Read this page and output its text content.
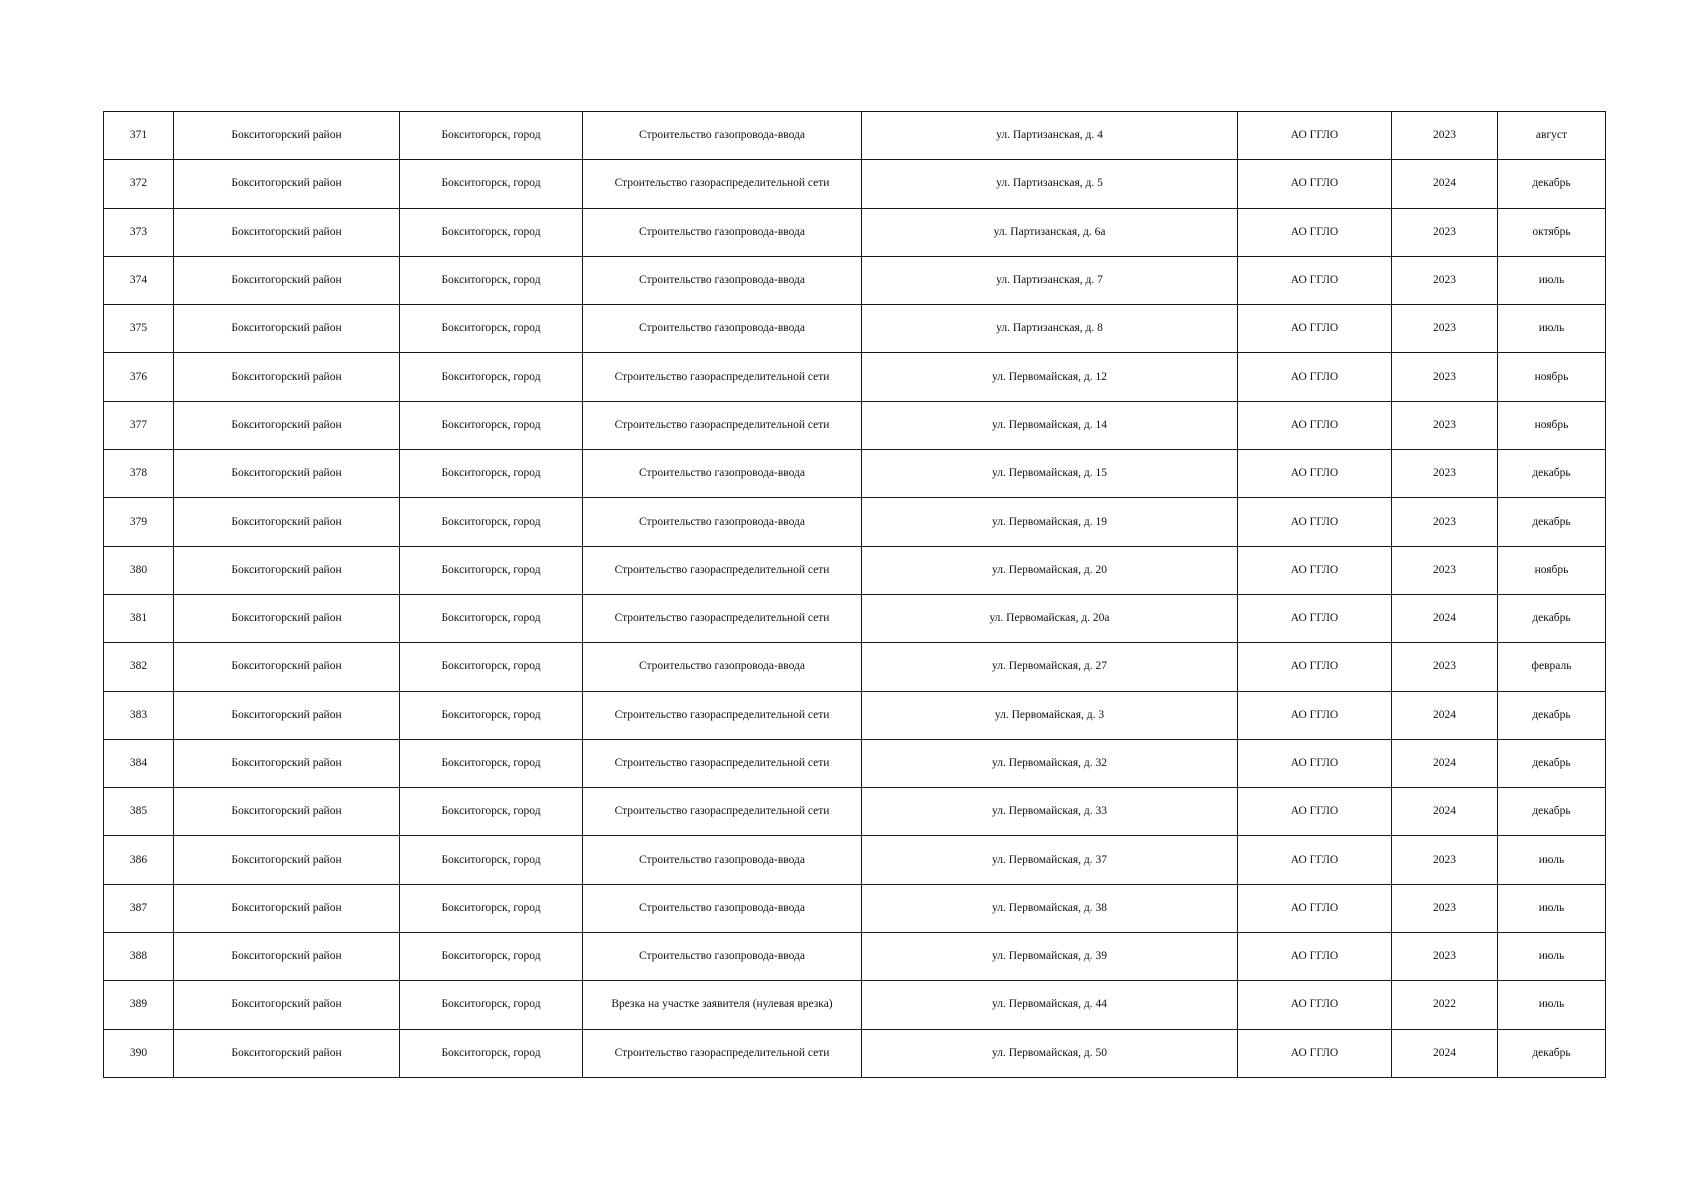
371	Бокситогорский район	Бокситогорск, город	Строительство газопровода-ввода	ул. Партизанская, д. 4	АО ГГЛО	2023	август
372	Бокситогорский район	Бокситогорск, город	Строительство газораспределительной сети	ул. Партизанская, д. 5	АО ГГЛО	2024	декабрь
373	Бокситогорский район	Бокситогорск, город	Строительство газопровода-ввода	ул. Партизанская, д. 6а	АО ГГЛО	2023	октябрь
374	Бокситогорский район	Бокситогорск, город	Строительство газопровода-ввода	ул. Партизанская, д. 7	АО ГГЛО	2023	июль
375	Бокситогорский район	Бокситогорск, город	Строительство газопровода-ввода	ул. Партизанская, д. 8	АО ГГЛО	2023	июль
376	Бокситогорский район	Бокситогорск, город	Строительство газораспределительной сети	ул. Первомайская, д. 12	АО ГГЛО	2023	ноябрь
377	Бокситогорский район	Бокситогорск, город	Строительство газораспределительной сети	ул. Первомайская, д. 14	АО ГГЛО	2023	ноябрь
378	Бокситогорский район	Бокситогорск, город	Строительство газопровода-ввода	ул. Первомайская, д. 15	АО ГГЛО	2023	декабрь
379	Бокситогорский район	Бокситогорск, город	Строительство газопровода-ввода	ул. Первомайская, д. 19	АО ГГЛО	2023	декабрь
380	Бокситогорский район	Бокситогорск, город	Строительство газораспределительной сети	ул. Первомайская, д. 20	АО ГГЛО	2023	ноябрь
381	Бокситогорский район	Бокситогорск, город	Строительство газораспределительной сети	ул. Первомайская, д. 20а	АО ГГЛО	2024	декабрь
382	Бокситогорский район	Бокситогорск, город	Строительство газопровода-ввода	ул. Первомайская, д. 27	АО ГГЛО	2023	февраль
383	Бокситогорский район	Бокситогорск, город	Строительство газораспределительной сети	ул. Первомайская, д. 3	АО ГГЛО	2024	декабрь
384	Бокситогорский район	Бокситогорск, город	Строительство газораспределительной сети	ул. Первомайская, д. 32	АО ГГЛО	2024	декабрь
385	Бокситогорский район	Бокситогорск, город	Строительство газораспределительной сети	ул. Первомайская, д. 33	АО ГГЛО	2024	декабрь
386	Бокситогорский район	Бокситогорск, город	Строительство газопровода-ввода	ул. Первомайская, д. 37	АО ГГЛО	2023	июль
387	Бокситогорский район	Бокситогорск, город	Строительство газопровода-ввода	ул. Первомайская, д. 38	АО ГГЛО	2023	июль
388	Бокситогорский район	Бокситогорск, город	Строительство газопровода-ввода	ул. Первомайская, д. 39	АО ГГЛО	2023	июль
389	Бокситогорский район	Бокситогорск, город	Врезка на участке заявителя (нулевая врезка)	ул. Первомайская, д. 44	АО ГГЛО	2022	июль
390	Бокситогорский район	Бокситогорск, город	Строительство газораспределительной сети	ул. Первомайская, д. 50	АО ГГЛО	2024	декабрь
